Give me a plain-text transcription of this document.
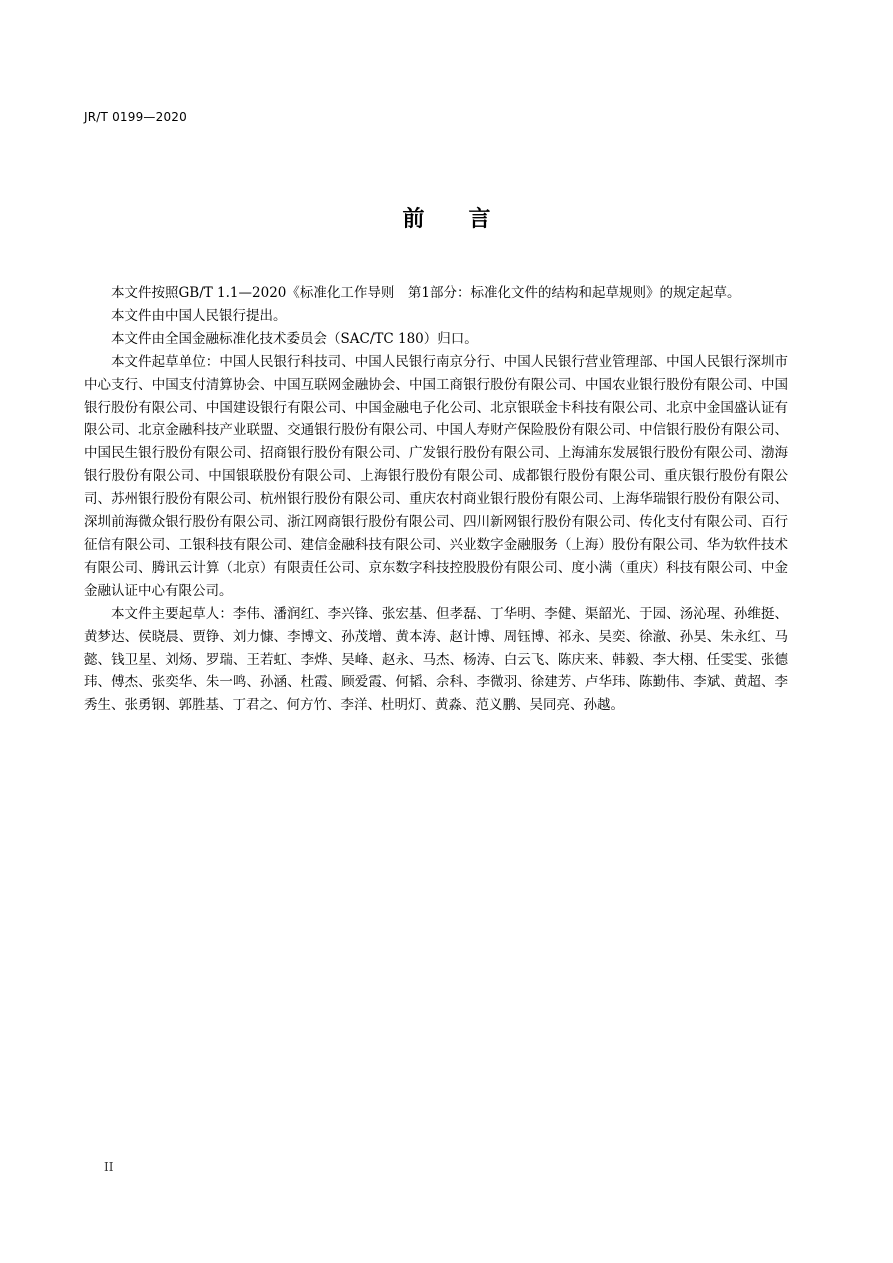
JR/T 0199—2020
前　　言

本文件按照GB/T 1.1—2020《标准化工作导则　第1部分：标准化文件的结构和起草规则》的规定起草。

本文件由中国人民银行提出。

本文件由全国金融标准化技术委员会（SAC/TC 180）归口。

本文件起草单位：中国人民银行科技司、中国人民银行南京分行、中国人民银行营业管理部、中国人民银行深圳市中心支行、中国支付清算协会、中国互联网金融协会、中国工商银行股份有限公司、中国农业银行股份有限公司、中国银行股份有限公司、中国建设银行有限公司、中国金融电子化公司、北京银联金卡科技有限公司、北京中金国盛认证有限公司、北京金融科技产业联盟、交通银行股份有限公司、中国人寿财产保险股份有限公司、中信银行股份有限公司、中国民生银行股份有限公司、招商银行股份有限公司、广发银行股份有限公司、上海浦东发展银行股份有限公司、渤海银行股份有限公司、中国银联股份有限公司、上海银行股份有限公司、成都银行股份有限公司、重庆银行股份有限公司、苏州银行股份有限公司、杭州银行股份有限公司、重庆农村商业银行股份有限公司、上海华瑞银行股份有限公司、深圳前海微众银行股份有限公司、浙江网商银行股份有限公司、四川新网银行股份有限公司、传化支付有限公司、百行征信有限公司、工银科技有限公司、建信金融科技有限公司、兴业数字金融服务（上海）股份有限公司、华为软件技术有限公司、腾讯云计算（北京）有限责任公司、京东数字科技控股股份有限公司、度小满（重庆）科技有限公司、中金金融认证中心有限公司。

本文件主要起草人：李伟、潘润红、李兴锋、张宏基、但孝磊、丁华明、李健、渠韶光、于园、汤沁瑆、孙维挺、黄梦达、侯晓晨、贾铮、刘力慷、李博文、孙茂增、黄本涛、赵计博、周钰博、祁永、吴奕、徐澈、孙昊、朱永红、马懿、钱卫星、刘炀、罗瑞、王若虹、李烨、吴峰、赵永、马杰、杨涛、白云飞、陈庆来、韩毅、李大栩、任雯雯、张德玮、傅杰、张奕华、朱一鸣、孙涵、杜霞、顾爱霞、何韬、佘科、李微羽、徐建芳、卢华玮、陈勤伟、李斌、黄超、李秀生、张勇钢、郭胜基、丁君之、何方竹、李洋、杜明灯、黄淼、范义鹏、吴同亮、孙越。

II
